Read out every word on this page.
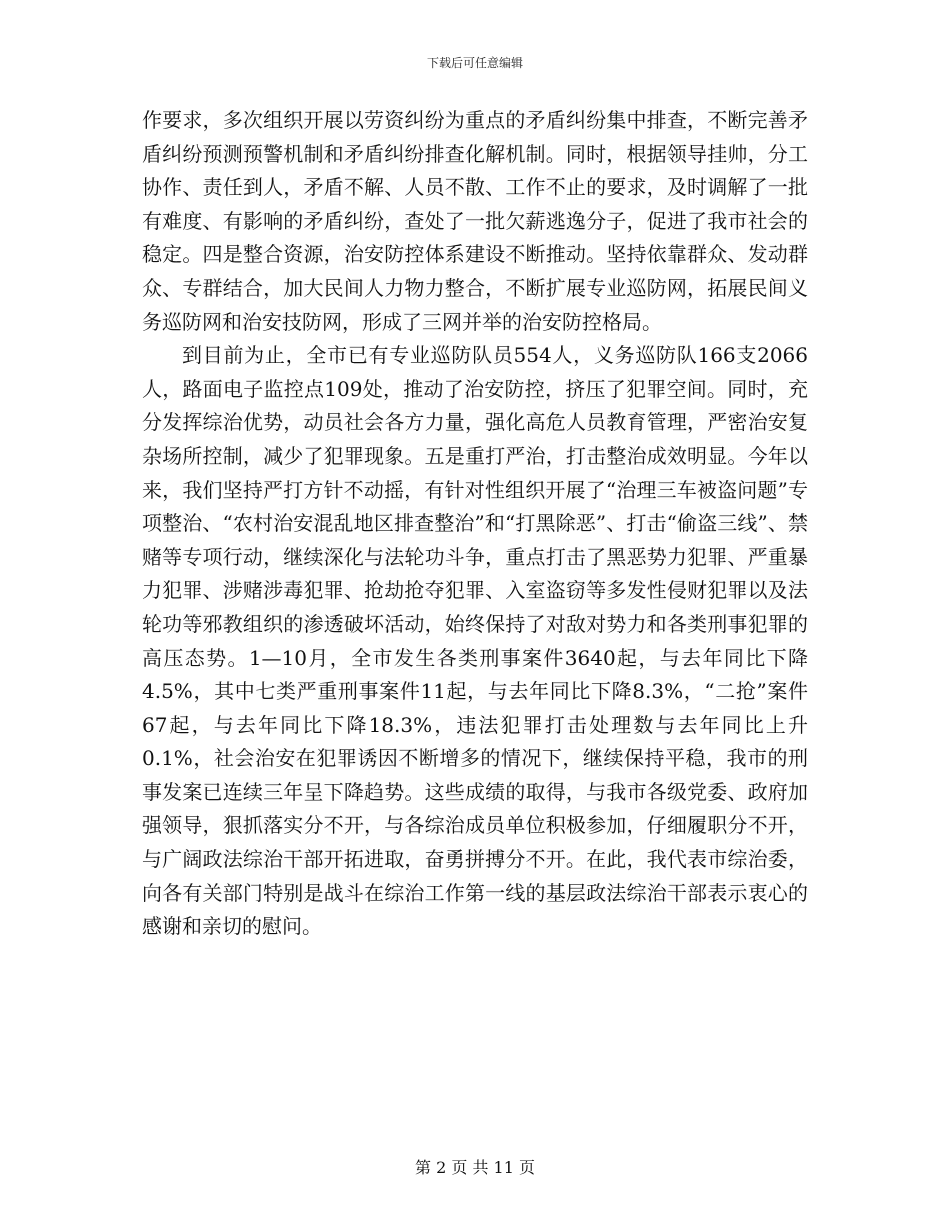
下载后可任意编辑

作要求，多次组织开展以劳资纠纷为重点的矛盾纠纷集中排查，不断完善矛盾纠纷预测预警机制和矛盾纠纷排查化解机制。同时，根据领导挂帅，分工协作、责任到人，矛盾不解、人员不散、工作不止的要求，及时调解了一批有难度、有影响的矛盾纠纷，查处了一批欠薪逃逸分子，促进了我市社会的稳定。四是整合资源，治安防控体系建设不断推动。坚持依靠群众、发动群众、专群结合，加大民间人力物力整合，不断扩展专业巡防网，拓展民间义务巡防网和治安技防网，形成了三网并举的治安防控格局。

到目前为止，全市已有专业巡防队员554人，义务巡防队166支2066人，路面电子监控点109处，推动了治安防控，挤压了犯罪空间。同时，充分发挥综治优势，动员社会各方力量，强化高危人员教育管理，严密治安复杂场所控制，减少了犯罪现象。五是重打严治，打击整治成效明显。今年以来，我们坚持严打方针不动摇，有针对性组织开展了“治理三车被盗问题”专项整治、“农村治安混乱地区排查整治”和“打黑除恶”、打击“偷盗三线”、禁赌等专项行动，继续深化与法轮功斗争，重点打击了黑恶势力犯罪、严重暴力犯罪、涉赌涉毒犯罪、抢劫抢夺犯罪、入室盗窃等多发性侵财犯罪以及法轮功等邪教组织的渗透破坏活动，始终保持了对敌对势力和各类刑事犯罪的高压态势。1—10月，全市发生各类刑事案件3640起，与去年同比下降4.5%，其中七类严重刑事案件11起，与去年同比下降8.3%，“二抢”案件67起，与去年同比下降18.3%，违法犯罪打击处理数与去年同比上升0.1%，社会治安在犯罪诱因不断增多的情况下，继续保持平稳，我市的刑事发案已连续三年呈下降趋势。这些成绩的取得，与我市各级党委、政府加强领导，狠抓落实分不开，与各综治成员单位积极参加，仔细履职分不开，与广阔政法综治干部开拓进取，奋勇拼搏分不开。在此，我代表市综治委，向各有关部门特别是战斗在综治工作第一线的基层政法综治干部表示衷心的感谢和亲切的慰问。

第 2 页 共 11 页
